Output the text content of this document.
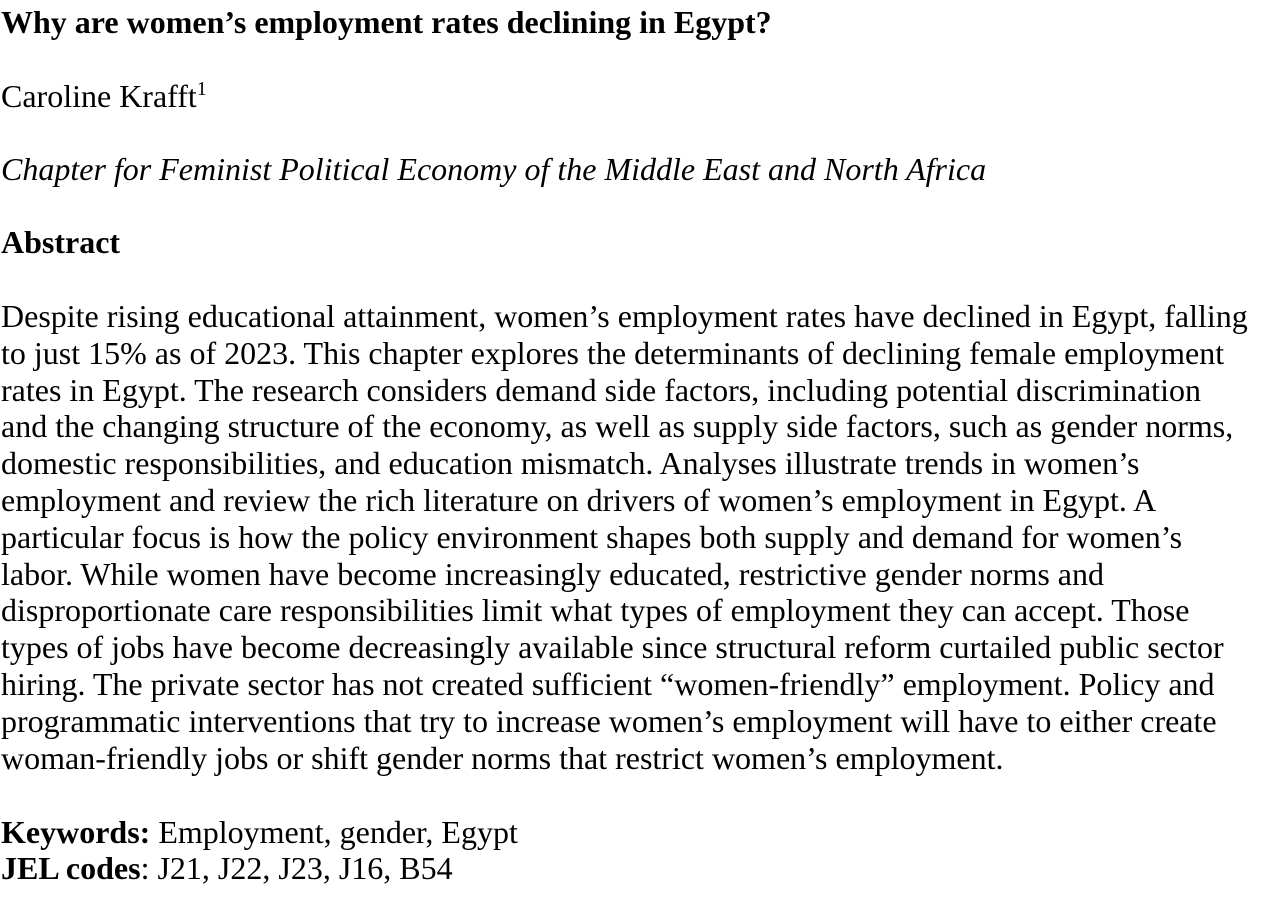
Why are women’s employment rates declining in Egypt?
Caroline Krafft$^1$
Chapter for Feminist Political Economy of the Middle East and North Africa
Abstract
Despite rising educational attainment, women’s employment rates have declined in Egypt, falling
to just 15% as of 2023. This chapter explores the determinants of declining female employment
rates in Egypt. The research considers demand side factors, including potential discrimination
and the changing structure of the economy, as well as supply side factors, such as gender norms,
domestic responsibilities, and education mismatch. Analyses illustrate trends in women’s
employment and review the rich literature on drivers of women’s employment in Egypt. A
particular focus is how the policy environment shapes both supply and demand for women’s
labor. While women have become increasingly educated, restrictive gender norms and
disproportionate care responsibilities limit what types of employment they can accept. Those
types of jobs have become decreasingly available since structural reform curtailed public sector
hiring. The private sector has not created sufficient “women-friendly” employment. Policy and
programmatic interventions that try to increase women’s employment will have to either create
woman-friendly jobs or shift gender norms that restrict women’s employment.
Keywords: Employment, gender, Egypt
JEL codes: J21, J22, J23, J16, B54
